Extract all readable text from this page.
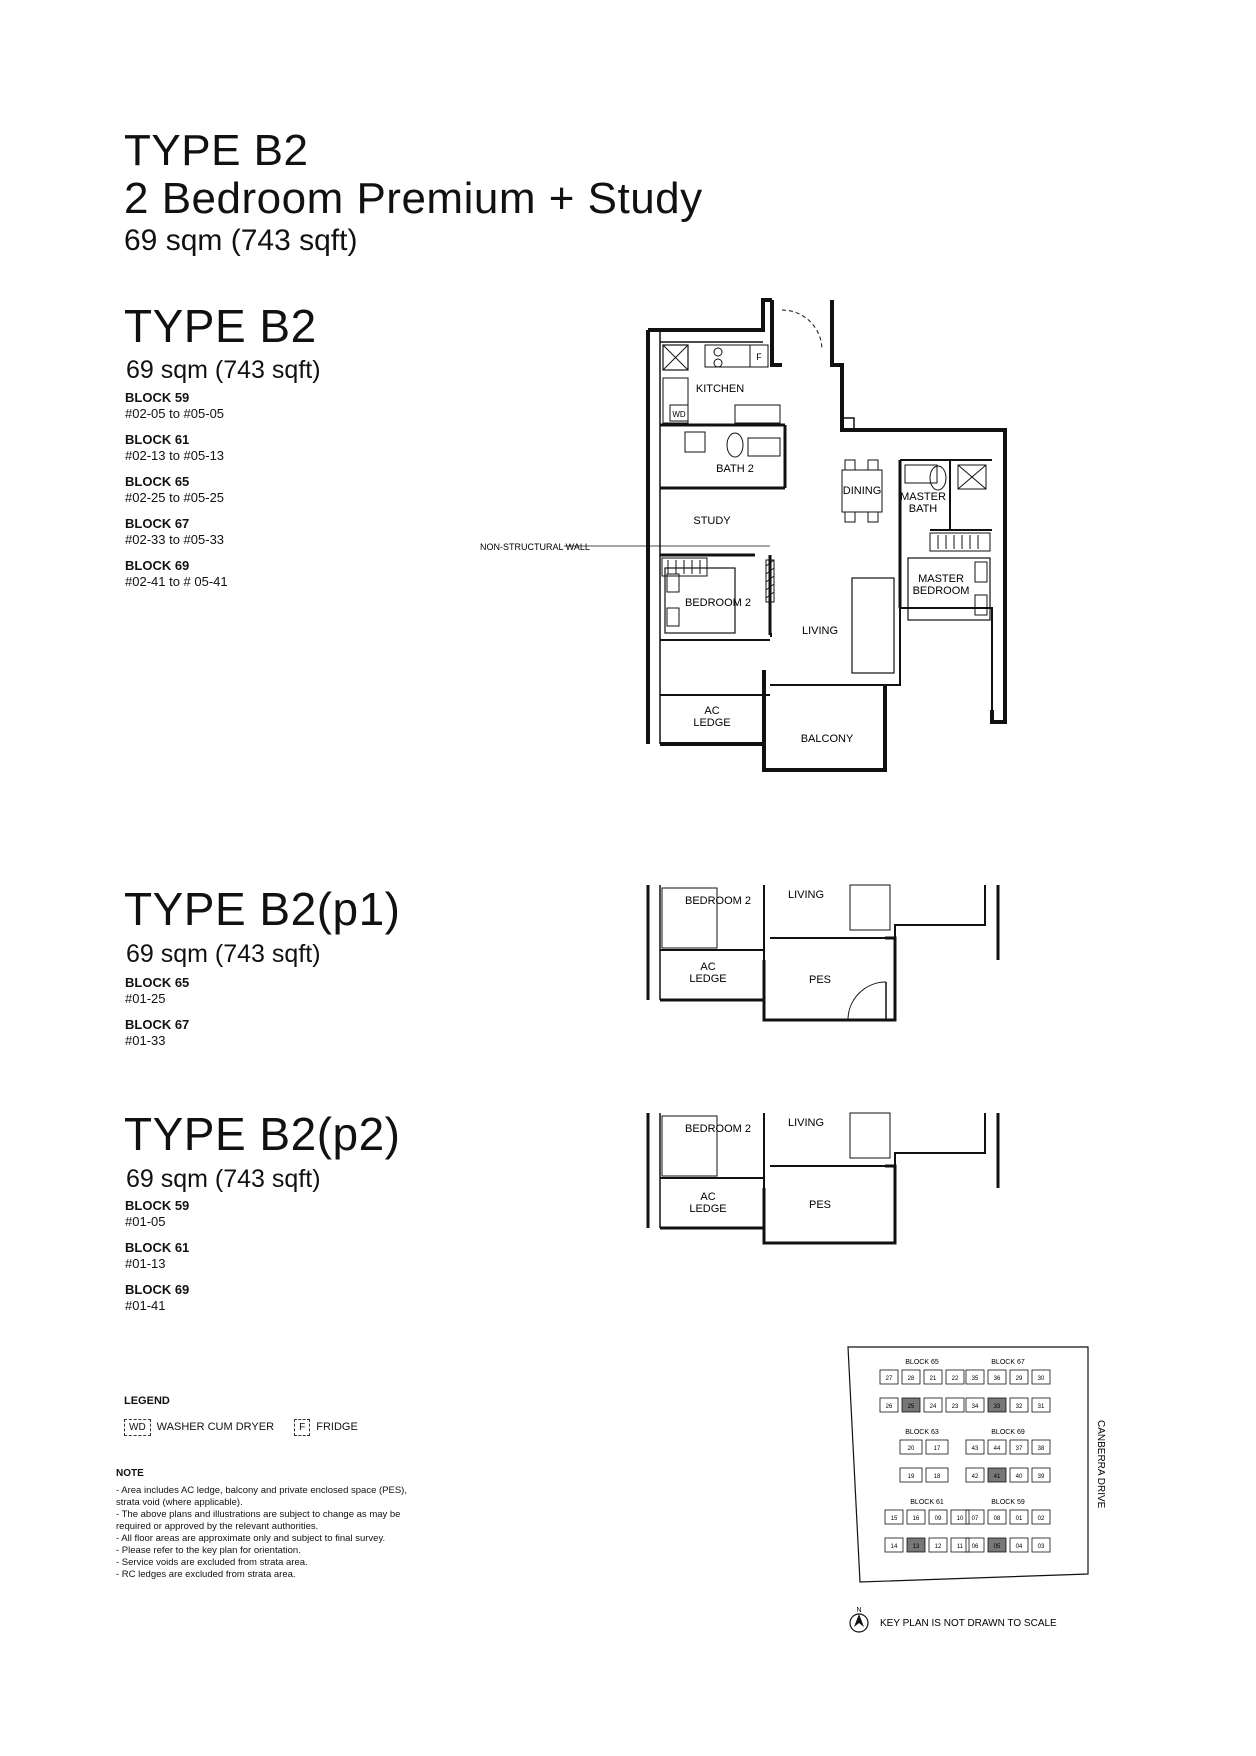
TYPE B2
2 Bedroom Premium + Study
69 sqm (743 sqft)
TYPE B2
69 sqm (743 sqft)
BLOCK 59
#02-05 to #05-05
BLOCK 61
#02-13 to #05-13
BLOCK 65
#02-25 to #05-25
BLOCK 67
#02-33 to #05-33
BLOCK 69
#02-41 to # 05-41
TYPE B2(p1)
69 sqm (743 sqft)
BLOCK 65
#01-25
BLOCK 67
#01-33
TYPE B2(p2)
69 sqm (743 sqft)
BLOCK 59
#01-05
BLOCK 61
#01-13
BLOCK 69
#01-41
F
WD
KITCHEN
BATH 2
STUDY
NON-STRUCTURAL WALL
BEDROOM 2
AC
LEDGE
DINING MASTER
BATH
MASTER
BEDROOM
LIVING
BALCONY
BEDROOM 2	LIVING
AC
LEDGE	PES
BEDROOM 2	LIVING
AC
LEDGE	PES
LEGEND
WD WASHER CUM DRYER	F FRIDGE
NOTE
- Area includes AC ledge, balcony and private enclosed space (PES),
strata void (where applicable).
- The above plans and illustrations are subject to change as may be
required or approved by the relevant authorities.
- All floor areas are approximate only and subject to final survey.
- Please refer to the key plan for orientation.
- Service voids are excluded from strata area.
- RC ledges are excluded from strata area.
BLOCK 65
27	28	21	22
26	25	24	23
BLOCK 67
35	36	29	30
34	33	32	31
BLOCK 63
20	17
19	18
BLOCK 69
43	44	37	38
42	41	40	39
BLOCK 61
15	16	09	10
14	13	12	11
BLOCK 59
07	08	01	02
06	05	04	03
CANBERRA DRIVE
N
KEY PLAN IS NOT DRAWN TO SCALE
